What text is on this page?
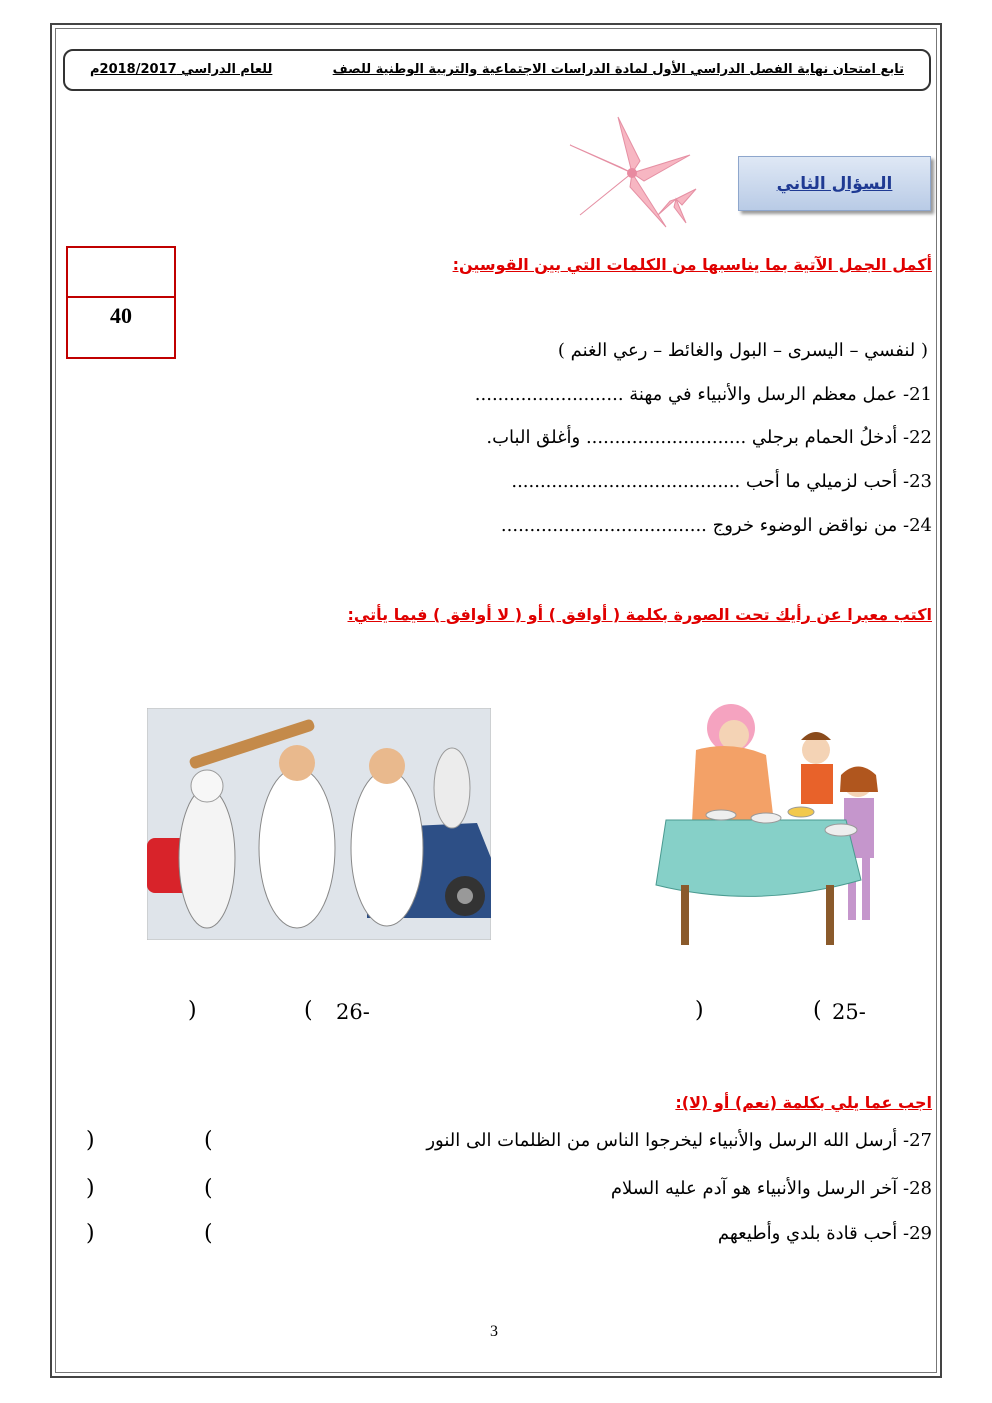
تابع امتحان نهاية الفصل الدراسي الأول لمادة الدراسات الاجتماعية والتربية الوطنية للصف
للعام الدراسي 2018/2017م
السؤال الثاني
40
أكمل الجمل الآتية بما يناسبها من الكلمات التي بين القوسين:
( لنفسي – اليسرى – البول والغائط – رعي الغنم )
21- عمل معظم الرسل والأنبياء في مهنة ..........................
22- أدخلُ الحمام برجلي ............................ وأغلق الباب.
23- أحب لزميلي ما أحب ........................................
24- من نواقض الوضوء خروج ....................................
اكتب معبرا عن رأيك تحت الصورة بكلمة ( أوافق ) أو ( لا أوافق ) فيما يأتي:
25-
(
)
26-
(
)
اجب عما يلي بكلمة (نعم) أو (لا):
27- أرسل الله الرسل والأنبياء ليخرجوا الناس من الظلمات الى النور
(
)
28- آخر الرسل والأنبياء هو آدم عليه السلام
(
)
29- أحب قادة بلدي وأطيعهم
(
)
3
